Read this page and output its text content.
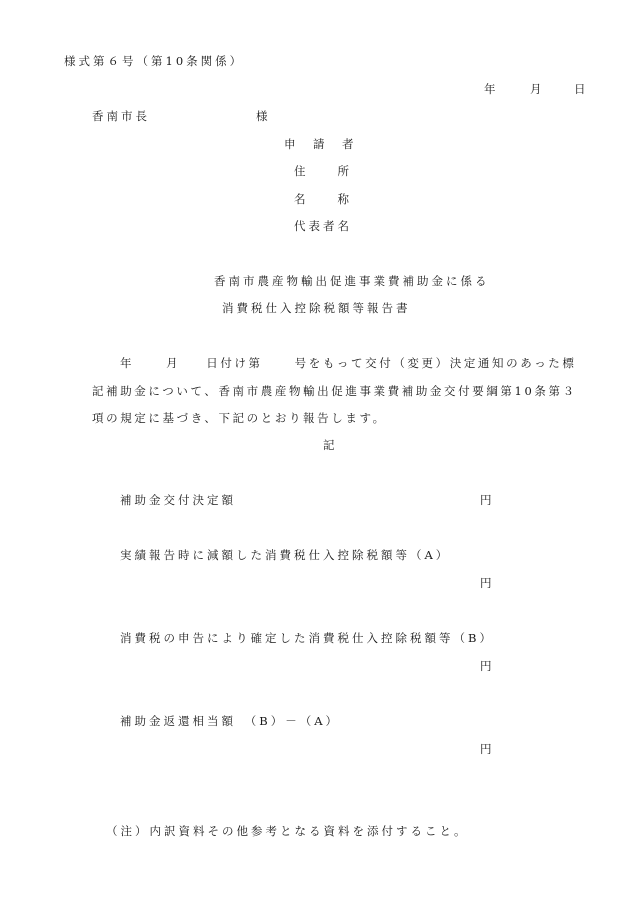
様式第６号（第10条関係）
年	月	日
香南市長	様
申　請　者
住　　所
名　　称
代表者名
香南市農産物輸出促進事業費補助金に係る
消費税仕入控除税額等報告書
年	月 日付け第	号をもって交付（変更）決定通知のあった標
記補助金について、香南市農産物輸出促進事業費補助金交付要綱第10条第３
項の規定に基づき、下記のとおり報告します。
記
補助金交付決定額	円
実績報告時に減額した消費税仕入控除税額等（A）
円
消費税の申告により確定した消費税仕入控除税額等（B）
円
補助金返還相当額　（B）－（A）
円
（注）内訳資料その他参考となる資料を添付すること。
